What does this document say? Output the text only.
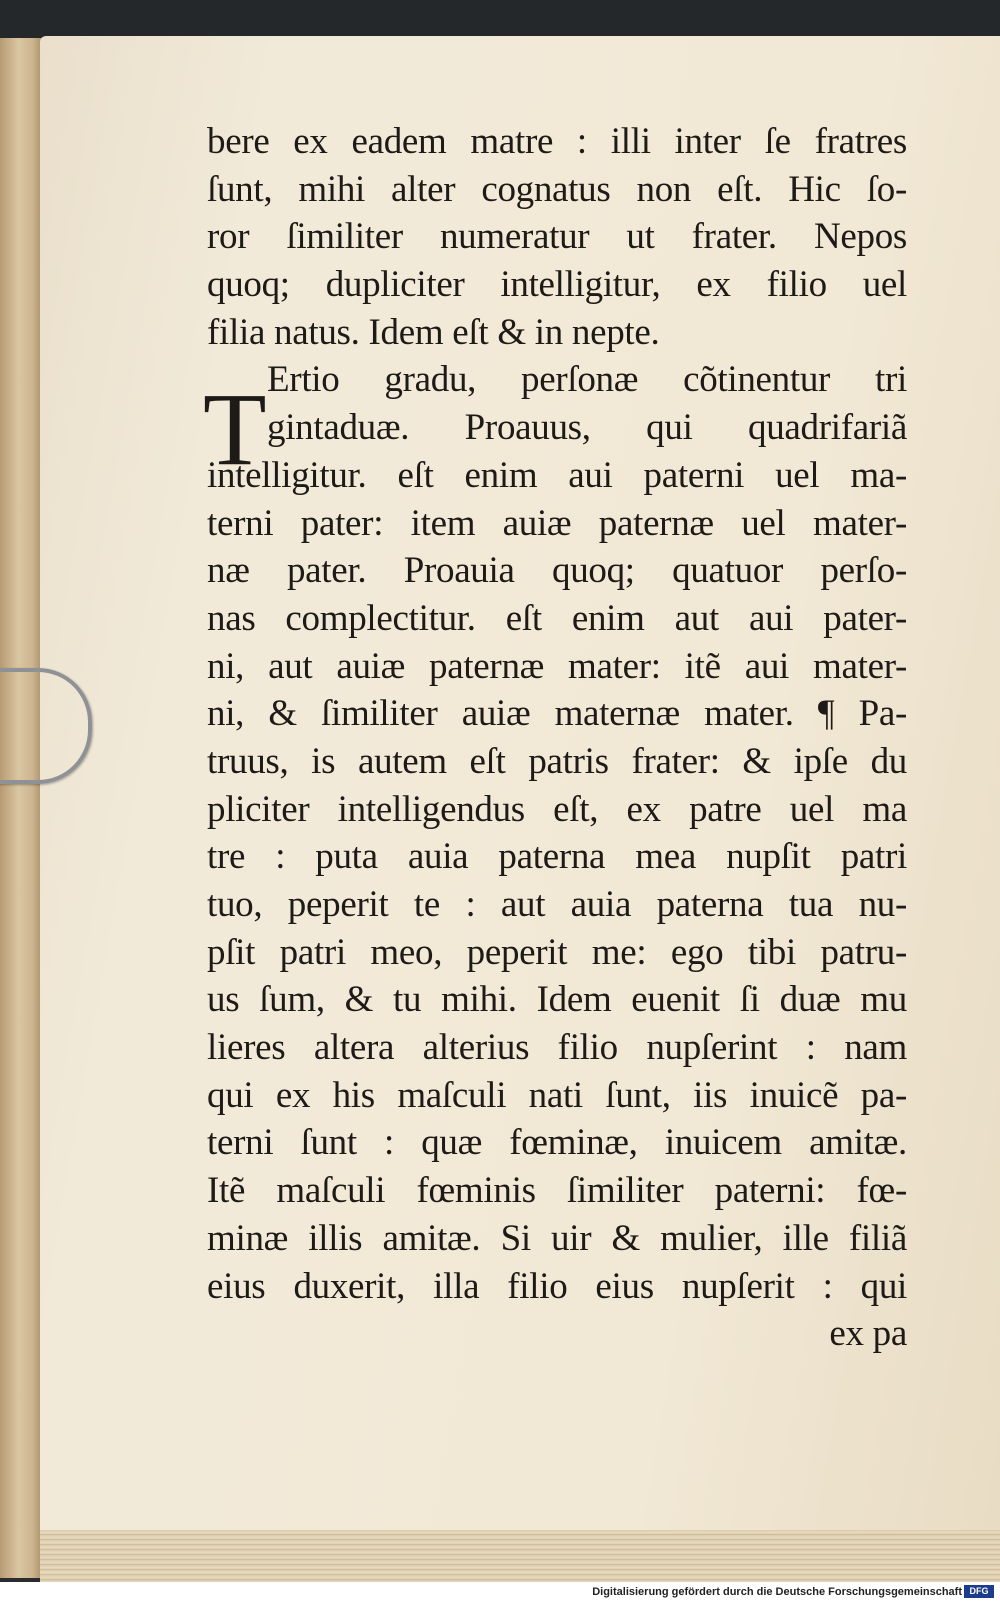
T
bere ex eadem matre : illi inter ſe fratres
ſunt, mihi alter cognatus non eſt. Hic ſo-
ror ſimiliter numeratur ut frater. Nepos
quoq; dupliciter intelligitur, ex filio uel
filia natus. Idem eſt & in nepte.
Ertio gradu, perſonæ cõtinentur tri
gintaduæ. Proauus, qui quadrifariã
intelligitur. eſt enim aui paterni uel ma-
terni pater: item auiæ paternæ uel mater-
næ pater. Proauia quoq; quatuor perſo-
nas complectitur. eſt enim aut aui pater-
ni, aut auiæ paternæ mater: itẽ aui mater-
ni, & ſimiliter auiæ maternæ mater. ¶ Pa-
truus, is autem eſt patris frater: & ipſe du
pliciter intelligendus eſt, ex patre uel ma
tre : puta auia paterna mea nupſit patri
tuo, peperit te : aut auia paterna tua nu-
pſit patri meo, peperit me: ego tibi patru-
us ſum, & tu mihi. Idem euenit ſi duæ mu
lieres altera alterius filio nupſerint : nam
qui ex his maſculi nati ſunt, iis inuicẽ pa-
terni ſunt : quæ fœminæ, inuicem amitæ.
Itẽ maſculi fœminis ſimiliter paterni: fœ-
minæ illis amitæ. Si uir & mulier, ille filiã
eius duxerit, illa filio eius nupſerit : qui
ex pa
Digitalisierung gefördert durch die Deutsche Forschungsgemeinschaft DFG
